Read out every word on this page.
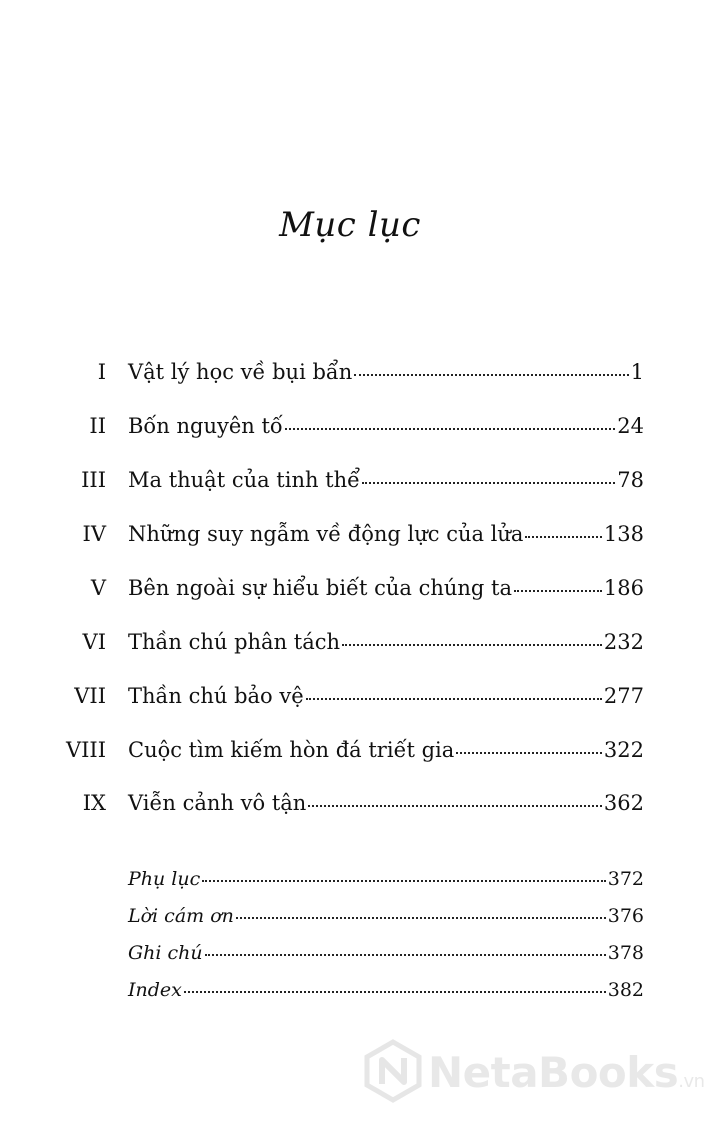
Mục lục
I Vật lý học về bụi bẩn	1
II Bốn nguyên tố	24
III Ma thuật của tinh thể	78
IV Những suy ngẫm về động lực của lửa	138
V Bên ngoài sự hiểu biết của chúng ta	186
VI Thần chú phân tách	232
VII Thần chú bảo vệ	277
VIII Cuộc tìm kiếm hòn đá triết gia	322
IX Viễn cảnh vô tận	362
Phụ lục	372
Lời cám ơn	376
Ghi chú	378
Index	382
NetaBooks.vn
